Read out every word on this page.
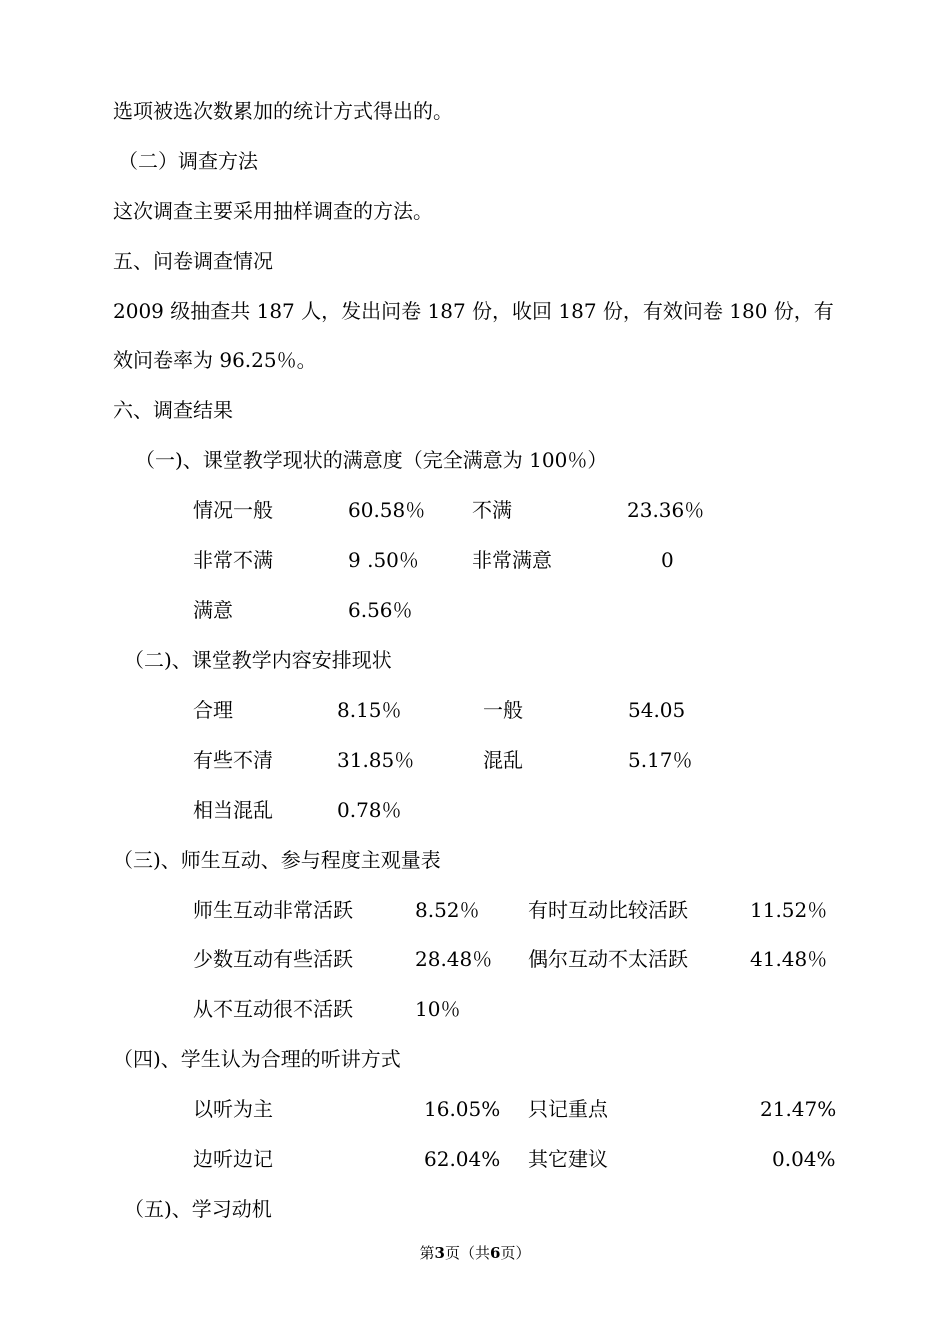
选项被选次数累加的统计方式得出的。
（二）调查方法
这次调查主要采用抽样调查的方法。
五、问卷调查情况
2009 级抽查共 187 人，发出问卷 187 份，收回 187 份，有效问卷 180 份，有
效问卷率为 96.25％。
六、调查结果
（一)、课堂教学现状的满意度（完全满意为 100％）
情况一般	60.58％ 不满	23.36％
非常不满	9 .50％	非常满意	0
满意	6.56％
（二)、课堂教学内容安排现状
合理	8.15％	一般	54.05
有些不清	31.85％	混乱	5.17％
相当混乱	0.78％
（三)、师生互动、参与程度主观量表
师生互动非常活跃	8.52％ 有时互动比较活跃	11.52％
少数互动有些活跃	28.48％ 偶尔互动不太活跃	41.48％
从不互动很不活跃	10％
（四)、学生认为合理的听讲方式
以听为主	16.05% 只记重点	21.47%
边听边记	62.04% 其它建议	0.04%
（五)、学习动机
第3页（共6页）
